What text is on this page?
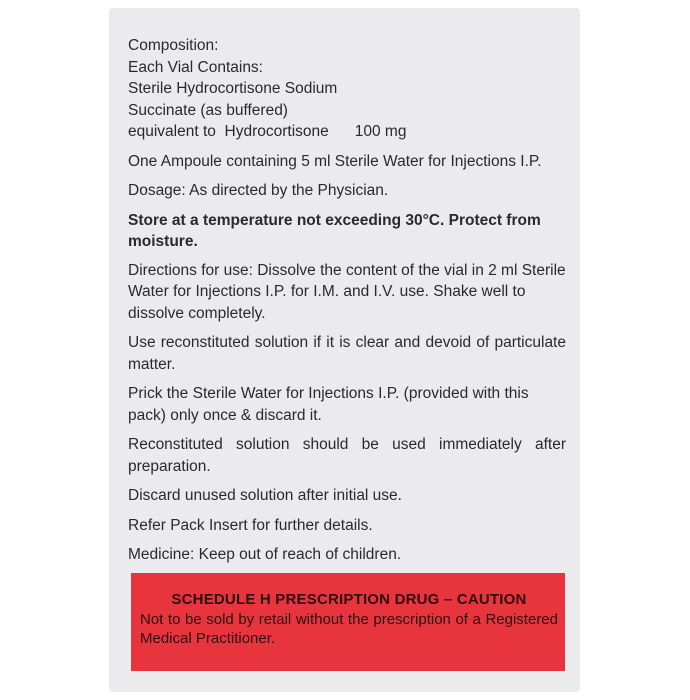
Composition:
Each Vial Contains:
Sterile Hydrocortisone Sodium
Succinate (as buffered)
equivalent to  Hydrocortisone 100 mg

One Ampoule containing 5 ml Sterile Water for Injections I.P.

Dosage: As directed by the Physician.

Store at a temperature not exceeding 30°C. Protect from moisture.

Directions for use: Dissolve the content of the vial in 2 ml Sterile Water for Injections I.P. for I.M. and I.V. use. Shake well to dissolve completely.

Use reconstituted solution if it is clear and devoid of particulate matter.

Prick the Sterile Water for Injections I.P. (provided with this pack) only once & discard it.

Reconstituted solution should be used immediately after preparation.

Discard unused solution after initial use.

Refer Pack Insert for further details.

Medicine: Keep out of reach of children.

SCHEDULE H PRESCRIPTION DRUG – CAUTION
Not to be sold by retail without the prescription of a Registered Medical Practitioner.
